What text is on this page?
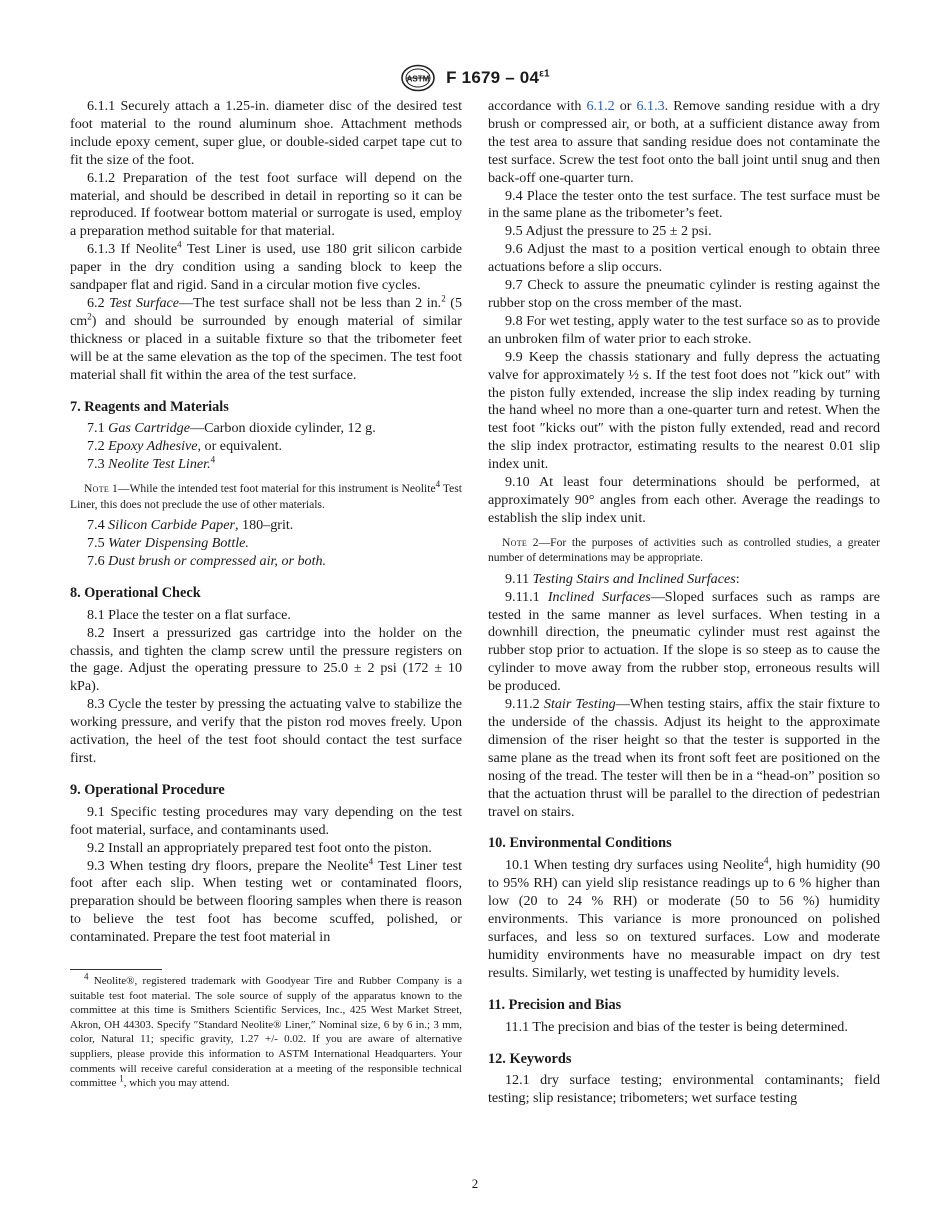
ASTM F $1679 - 04^{\varepsilon 1}$

6.1.1 Securely attach a 1.25-in. diameter disc of the desired test foot material to the round aluminum shoe. Attachment methods include epoxy cement, super glue, or double-sided carpet tape cut to fit the size of the foot.

6.1.2 Preparation of the test foot surface will depend on the material, and should be described in detail in reporting so it can be reproduced. If footwear bottom material or surrogate is used, employ a preparation method suitable for that material.

6.1.3 If Neolite$^4$ Test Liner is used, use 180 grit silicon carbide paper in the dry condition using a sanding block to keep the sandpaper flat and rigid. Sand in a circular motion five cycles.

6.2 Test Surface—The test surface shall not be less than 2 in.$^2$ (5 $cm^2$) and should be surrounded by enough material of similar thickness or placed in a suitable fixture so that the tribometer feet will be at the same elevation as the top of the specimen. The test foot material shall fit within the area of the test surface.

7. Reagents and Materials

7.1 Gas Cartridge—Carbon dioxide cylinder, 12 g.

7.2 Epoxy Adhesive, or equivalent.

7.3 Neolite Test Liner.$^4$

Note 1—While the intended test foot material for this instrument is Neolite$^4$ Test Liner, this does not preclude the use of other materials.

7.4 Silicon Carbide Paper, 180–grit.

7.5 Water Dispensing Bottle.

7.6 Dust brush or compressed air, or both.

8. Operational Check

8.1 Place the tester on a flat surface.

8.2 Insert a pressurized gas cartridge into the holder on the chassis, and tighten the clamp screw until the pressure registers on the gage. Adjust the operating pressure to 25.0 ± 2 psi (172 ± 10 kPa).

8.3 Cycle the tester by pressing the actuating valve to stabilize the working pressure, and verify that the piston rod moves freely. Upon activation, the heel of the test foot should contact the test surface first.

9. Operational Procedure

9.1 Specific testing procedures may vary depending on the test foot material, surface, and contaminants used.

9.2 Install an appropriately prepared test foot onto the piston.

9.3 When testing dry floors, prepare the Neolite$^4$ Test Liner test foot after each slip. When testing wet or contaminated floors, preparation should be between flooring samples when there is reason to believe the test foot has become scuffed, polished, or contaminated. Prepare the test foot material in

$^4$ Neolite®, registered trademark with Goodyear Tire and Rubber Company is a suitable test foot material. The sole source of supply of the apparatus known to the committee at this time is Smithers Scientific Services, Inc., 425 West Market Street, Akron, OH 44303. Specify ″Standard Neolite® Liner,″ Nominal size, 6 by 6 in.; 3 mm, color, Natural 11; specific gravity, 1.27 +/- 0.02. If you are aware of alternative suppliers, please provide this information to ASTM International Headquarters. Your comments will receive careful consideration at a meeting of the responsible technical committee $^1$, which you may attend.

accordance with 6.1.2 or 6.1.3. Remove sanding residue with a dry brush or compressed air, or both, at a sufficient distance away from the test area to assure that sanding residue does not contaminate the test surface. Screw the test foot onto the ball joint until snug and then back-off one-quarter turn.

9.4 Place the tester onto the test surface. The test surface must be in the same plane as the tribometer’s feet.

9.5 Adjust the pressure to 25 ± 2 psi.

9.6 Adjust the mast to a position vertical enough to obtain three actuations before a slip occurs.

9.7 Check to assure the pneumatic cylinder is resting against the rubber stop on the cross member of the mast.

9.8 For wet testing, apply water to the test surface so as to provide an unbroken film of water prior to each stroke.

9.9 Keep the chassis stationary and fully depress the actuating valve for approximately ½ s. If the test foot does not ″kick out″ with the piston fully extended, increase the slip index reading by turning the hand wheel no more than a one-quarter turn and retest. When the test foot ″kicks out″ with the piston fully extended, read and record the slip index protractor, estimating results to the nearest 0.01 slip index unit.

9.10 At least four determinations should be performed, at approximately 90° angles from each other. Average the readings to establish the slip index unit.

Note 2—For the purposes of activities such as controlled studies, a greater number of determinations may be appropriate.

9.11 Testing Stairs and Inclined Surfaces:

9.11.1 Inclined Surfaces—Sloped surfaces such as ramps are tested in the same manner as level surfaces. When testing in a downhill direction, the pneumatic cylinder must rest against the rubber stop prior to actuation. If the slope is so steep as to cause the cylinder to move away from the rubber stop, erroneous results will be produced.

9.11.2 Stair Testing—When testing stairs, affix the stair fixture to the underside of the chassis. Adjust its height to the approximate dimension of the riser height so that the tester is supported in the same plane as the tread when its front soft feet are positioned on the nosing of the tread. The tester will then be in a “head-on” position so that the actuation thrust will be parallel to the direction of pedestrian travel on stairs.

10. Environmental Conditions

10.1 When testing dry surfaces using Neolite$^4$, high humidity (90 to 95% RH) can yield slip resistance readings up to 6 % higher than low (20 to 24 % RH) or moderate (50 to 56 %) humidity environments. This variance is more pronounced on polished surfaces, and less so on textured surfaces. Low and moderate humidity environments have no measurable impact on dry test results. Similarly, wet testing is unaffected by humidity levels.

11. Precision and Bias

11.1 The precision and bias of the tester is being determined.

12. Keywords

12.1 dry surface testing; environmental contaminants; field testing; slip resistance; tribometers; wet surface testing

2
